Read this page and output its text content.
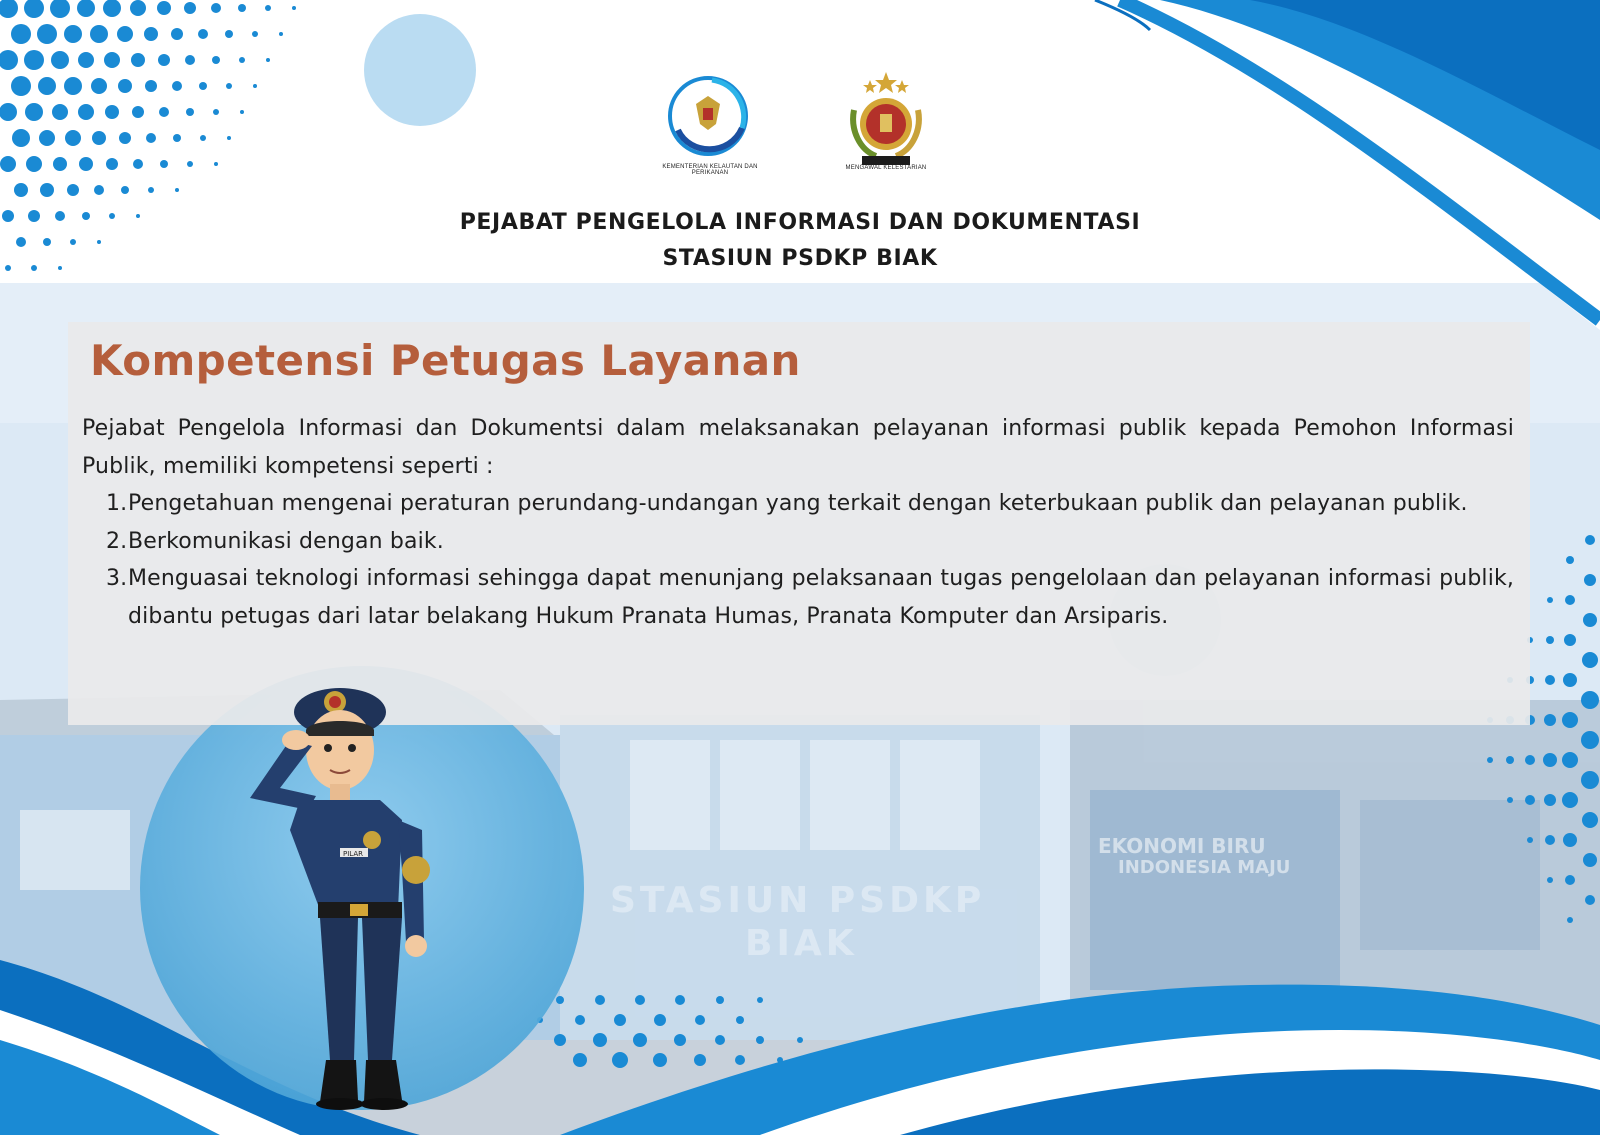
STASIUN PSDKP
BIAK
EKONOMI BIRU
INDONESIA MAJU
KEMENTERIAN KELAUTAN DAN PERIKANAN
MENGAWAL KELESTARIAN
PEJABAT PENGELOLA INFORMASI DAN DOKUMENTASI
STASIUN PSDKP BIAK
Kompetensi Petugas Layanan

Pejabat Pengelola Informasi dan Dokumentsi dalam melaksanakan pelayanan informasi publik kepada Pemohon Informasi Publik, memiliki kompetensi seperti :

1. Pengetahuan mengenai peraturan perundang-undangan yang terkait dengan keterbukaan publik dan pelayanan publik.
2. Berkomunikasi dengan baik.
3. Menguasai teknologi informasi sehingga dapat menunjang pelaksanaan tugas pengelolaan dan pelayanan informasi publik, dibantu petugas dari latar belakang Hukum Pranata Humas, Pranata Komputer dan Arsiparis.
PILAR
